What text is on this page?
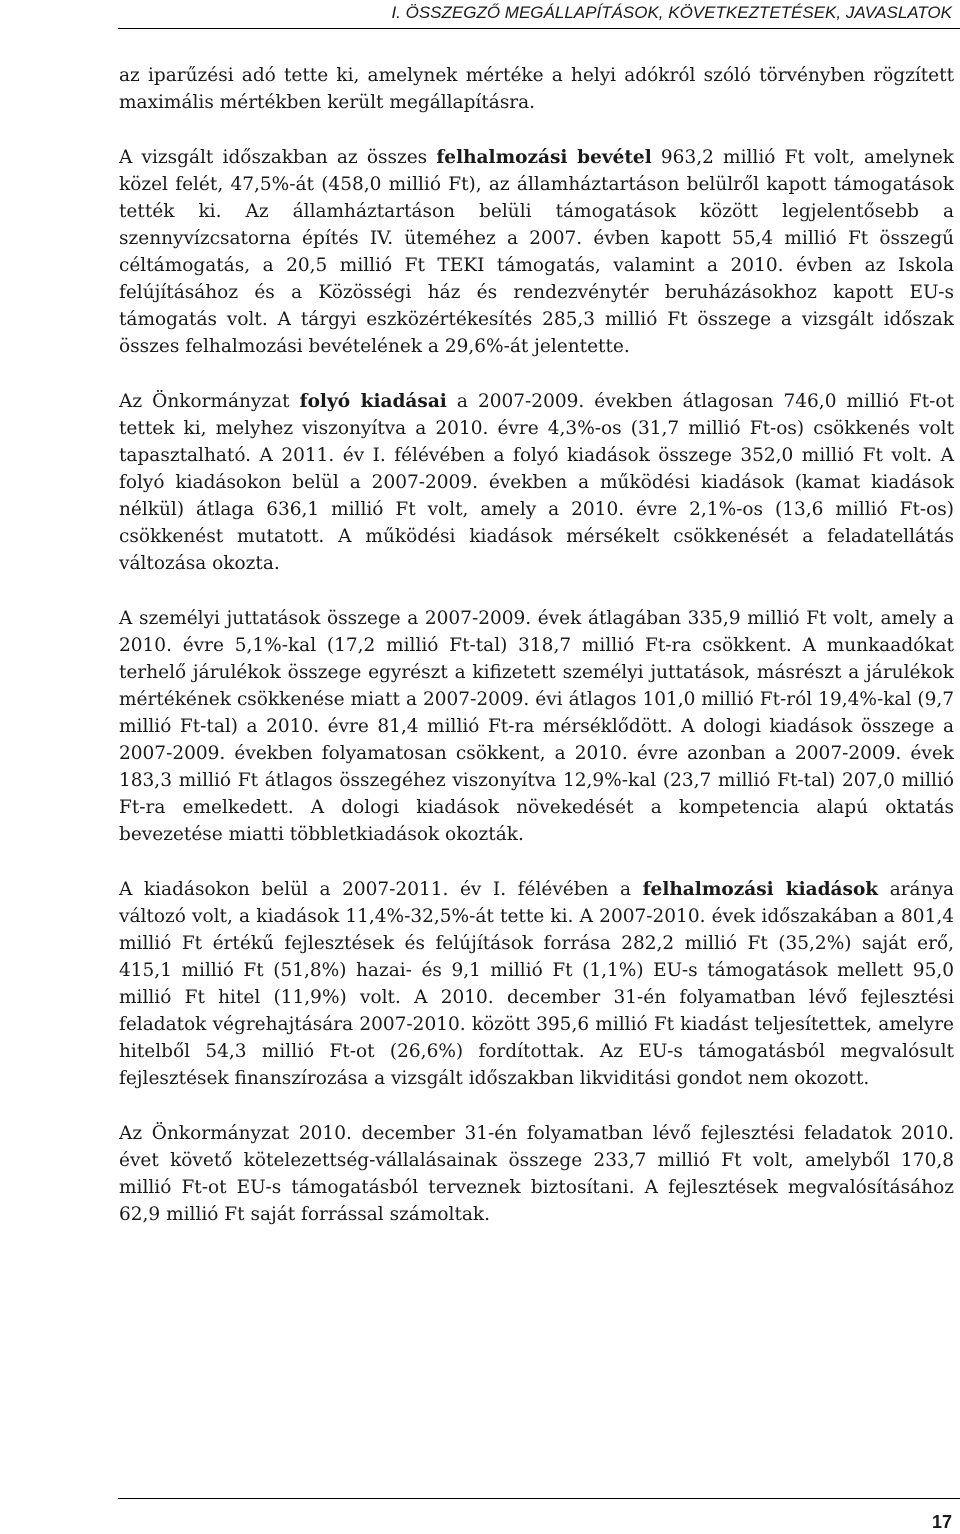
I. ÖSSZEGZŐ MEGÁLLAPÍTÁSOK, KÖVETKEZTETÉSEK, JAVASLATOK

az iparűzési adó tette ki, amelynek mértéke a helyi adókról szóló törvényben rögzített maximális mértékben került megállapításra.

A vizsgált időszakban az összes felhalmozási bevétel 963,2 millió Ft volt, amelynek közel felét, 47,5%-át (458,0 millió Ft), az államháztartáson belülről kapott támogatások tették ki. Az államháztartáson belüli támogatások között legjelentősebb a szennyvízcsatorna építés IV. üteméhez a 2007. évben kapott 55,4 millió Ft összegű céltámogatás, a 20,5 millió Ft TEKI támogatás, valamint a 2010. évben az Iskola felújításához és a Közösségi ház és rendezvénytér beruházásokhoz kapott EU-s támogatás volt. A tárgyi eszközértékesítés 285,3 millió Ft összege a vizsgált időszak összes felhalmozási bevételének a 29,6%-át jelentette.

Az Önkormányzat folyó kiadásai a 2007-2009. években átlagosan 746,0 millió Ft-ot tettek ki, melyhez viszonyítva a 2010. évre 4,3%-os (31,7 millió Ft-os) csökkenés volt tapasztalható. A 2011. év I. félévében a folyó kiadások összege 352,0 millió Ft volt. A folyó kiadásokon belül a 2007-2009. években a működési kiadások (kamat kiadások nélkül) átlaga 636,1 millió Ft volt, amely a 2010. évre 2,1%-os (13,6 millió Ft-os) csökkenést mutatott. A működési kiadások mérsékelt csökkenését a feladatellátás változása okozta.

A személyi juttatások összege a 2007-2009. évek átlagában 335,9 millió Ft volt, amely a 2010. évre 5,1%-kal (17,2 millió Ft-tal) 318,7 millió Ft-ra csökkent. A munkaadókat terhelő járulékok összege egyrészt a kifizetett személyi juttatások, másrészt a járulékok mértékének csökkenése miatt a 2007-2009. évi átlagos 101,0 millió Ft-ról 19,4%-kal (9,7 millió Ft-tal) a 2010. évre 81,4 millió Ft-ra mérséklődött. A dologi kiadások összege a 2007-2009. években folyamatosan csökkent, a 2010. évre azonban a 2007-2009. évek 183,3 millió Ft átlagos összegéhez viszonyítva 12,9%-kal (23,7 millió Ft-tal) 207,0 millió Ft-ra emelkedett. A dologi kiadások növekedését a kompetencia alapú oktatás bevezetése miatti többletkiadások okozták.

A kiadásokon belül a 2007-2011. év I. félévében a felhalmozási kiadások aránya változó volt, a kiadások 11,4%-32,5%-át tette ki. A 2007-2010. évek időszakában a 801,4 millió Ft értékű fejlesztések és felújítások forrása 282,2 millió Ft (35,2%) saját erő, 415,1 millió Ft (51,8%) hazai- és 9,1 millió Ft (1,1%) EU-s támogatások mellett 95,0 millió Ft hitel (11,9%) volt. A 2010. december 31-én folyamatban lévő fejlesztési feladatok végrehajtására 2007-2010. között 395,6 millió Ft kiadást teljesítettek, amelyre hitelből 54,3 millió Ft-ot (26,6%) fordítottak. Az EU-s támogatásból megvalósult fejlesztések finanszírozása a vizsgált időszakban likviditási gondot nem okozott.

Az Önkormányzat 2010. december 31-én folyamatban lévő fejlesztési feladatok 2010. évet követő kötelezettség-vállalásainak összege 233,7 millió Ft volt, amelyből 170,8 millió Ft-ot EU-s támogatásból terveznek biztosítani. A fejlesztések megvalósításához 62,9 millió Ft saját forrással számoltak.

17
